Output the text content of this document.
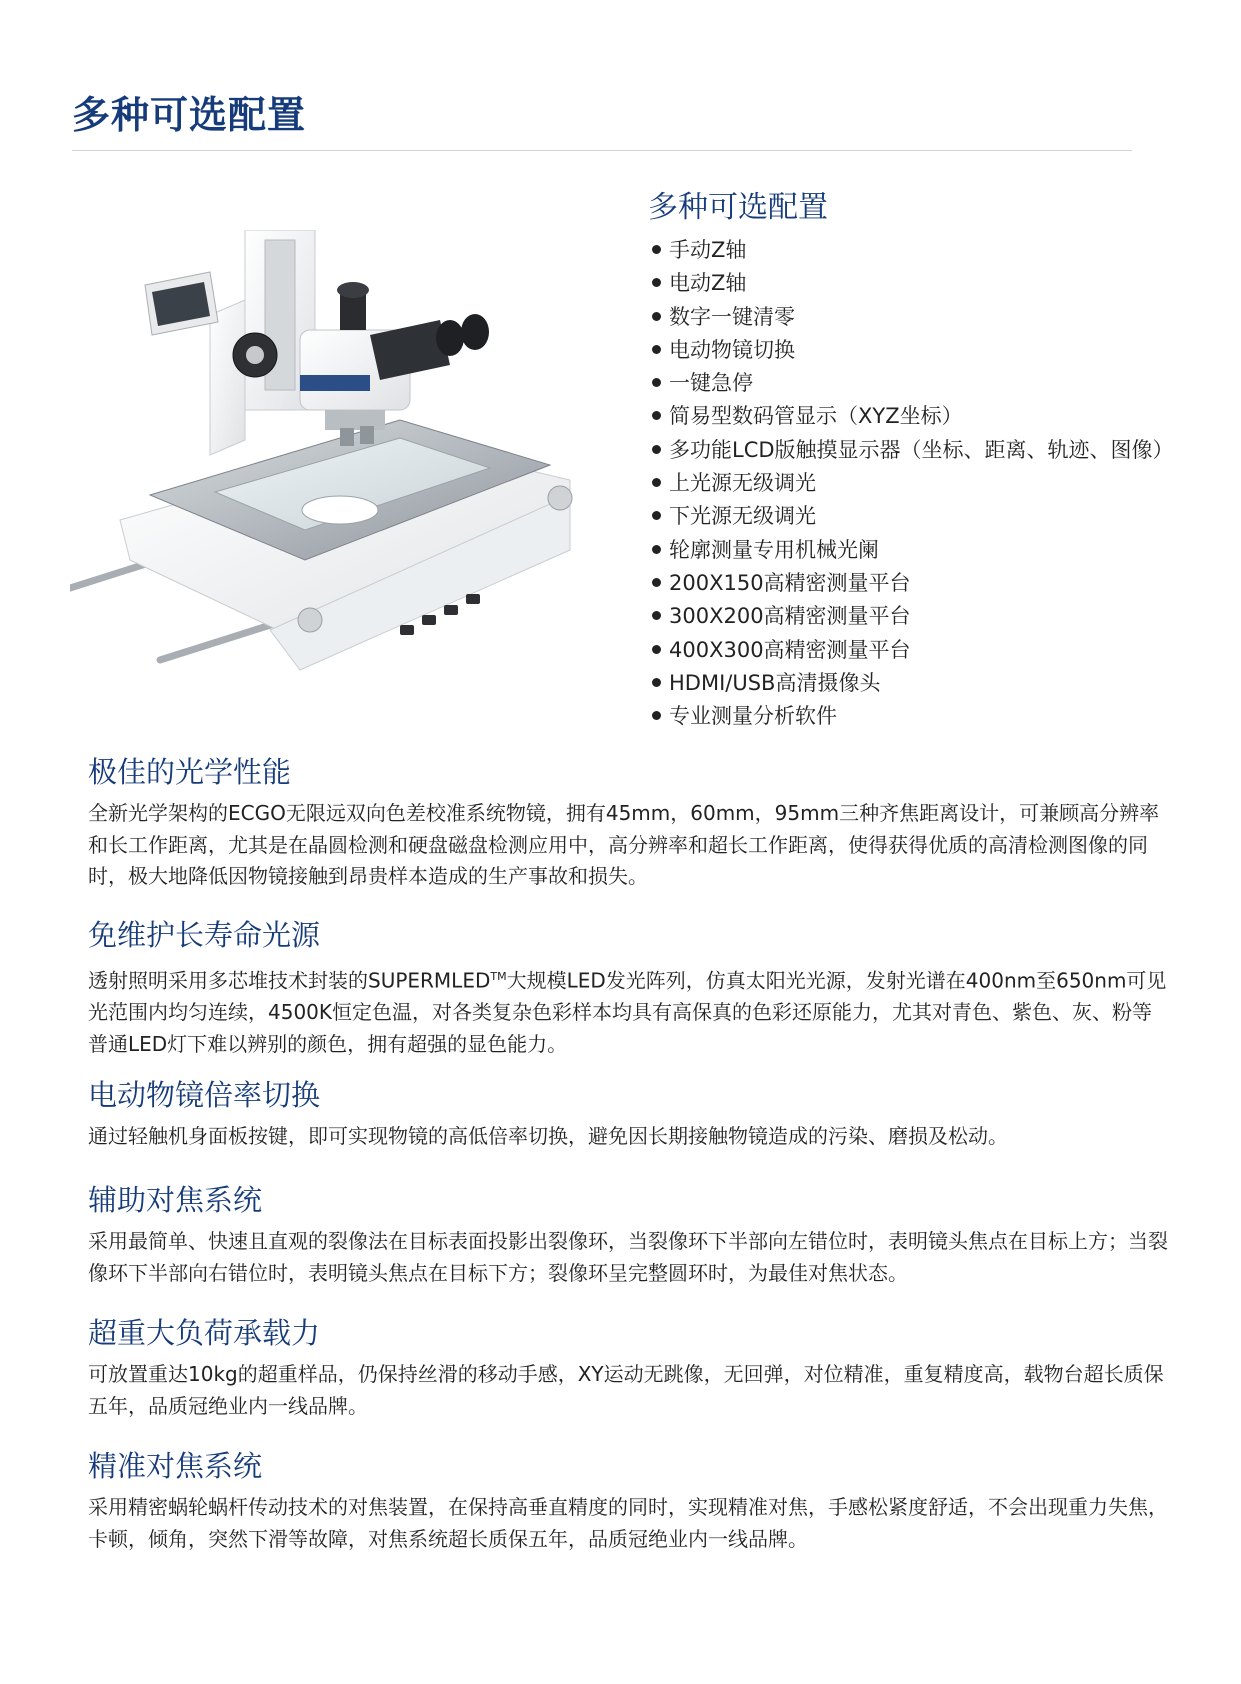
多种可选配置
多种可选配置
手动Z轴
电动Z轴
数字一键清零
电动物镜切换
一键急停
简易型数码管显示（XYZ坐标）
多功能LCD版触摸显示器（坐标、距离、轨迹、图像）
上光源无级调光
下光源无级调光
轮廓测量专用机械光阑
200X150高精密测量平台
300X200高精密测量平台
400X300高精密测量平台
HDMI/USB高清摄像头
专业测量分析软件
极佳的光学性能

全新光学架构的ECGO无限远双向色差校准系统物镜，拥有45mm，60mm，95mm三种齐焦距离设计，可兼顾高分辨率和长工作距离，尤其是在晶圆检测和硬盘磁盘检测应用中，高分辨率和超长工作距离，使得获得优质的高清检测图像的同时，极大地降低因物镜接触到昂贵样本造成的生产事故和损失。

免维护长寿命光源

透射照明采用多芯堆技术封装的SUPERMLED™大规模LED发光阵列，仿真太阳光光源，发射光谱在400nm至650nm可见光范围内均匀连续，4500K恒定色温，对各类复杂色彩样本均具有高保真的色彩还原能力，尤其对青色、紫色、灰、粉等普通LED灯下难以辨别的颜色，拥有超强的显色能力。

电动物镜倍率切换

通过轻触机身面板按键，即可实现物镜的高低倍率切换，避免因长期接触物镜造成的污染、磨损及松动。

辅助对焦系统

采用最简单、快速且直观的裂像法在目标表面投影出裂像环，当裂像环下半部向左错位时，表明镜头焦点在目标上方；当裂像环下半部向右错位时，表明镜头焦点在目标下方；裂像环呈完整圆环时，为最佳对焦状态。

超重大负荷承载力

可放置重达10kg的超重样品，仍保持丝滑的移动手感，XY运动无跳像，无回弹，对位精准，重复精度高，载物台超长质保五年，品质冠绝业内一线品牌。

精准对焦系统

采用精密蜗轮蜗杆传动技术的对焦装置，在保持高垂直精度的同时，实现精准对焦，手感松紧度舒适，不会出现重力失焦，卡顿，倾角，突然下滑等故障，对焦系统超长质保五年，品质冠绝业内一线品牌。
